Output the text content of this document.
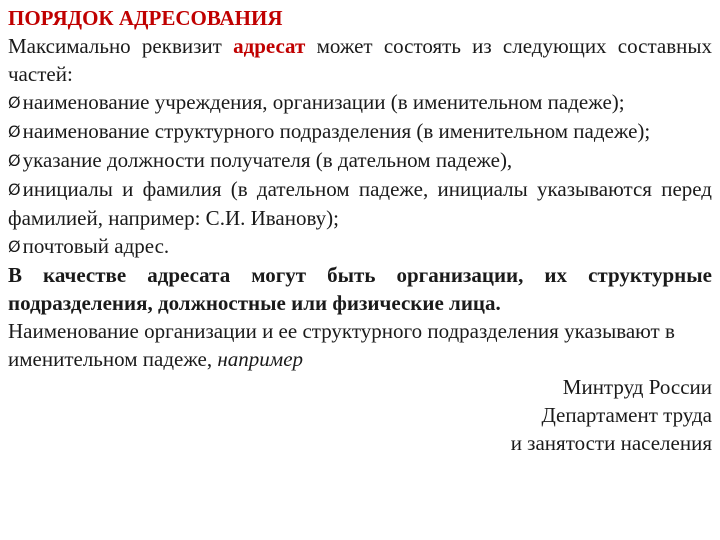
ПОРЯДОК АДРЕСОВАНИЯ

Максимально реквизит адресат может состоять из следующих составных частей:

Øнаименование учреждения, организации (в именительном падеже);

Øнаименование структурного подразделения (в именительном падеже);

Øуказание должности получателя (в дательном падеже),

Øинициалы и фамилия (в дательном падеже, инициалы указываются перед фамилией, например: С.И. Иванову);

Øпочтовый адрес.

В качестве адресата могут быть организации, их структурные подразделения, должностные или физические лица.

Наименование организации и ее структурного подразделения указывают в именительном падеже, например

Минтруд России
Департамент труда
и занятости населения
